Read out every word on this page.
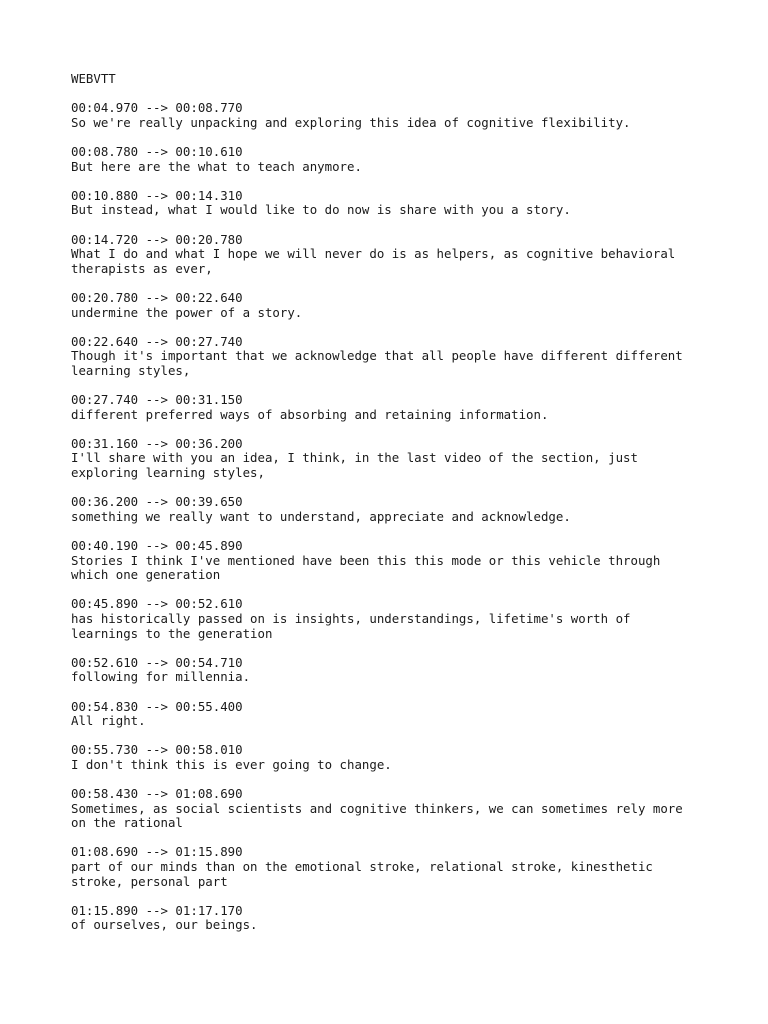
WEBVTT
00:04.970 --> 00:08.770
So we're really unpacking and exploring this idea of cognitive flexibility.
00:08.780 --> 00:10.610
But here are the what to teach anymore.
00:10.880 --> 00:14.310
But instead, what I would like to do now is share with you a story.
00:14.720 --> 00:20.780
What I do and what I hope we will never do is as helpers, as cognitive behavioral
therapists as ever,
00:20.780 --> 00:22.640
undermine the power of a story.
00:22.640 --> 00:27.740
Though it's important that we acknowledge that all people have different different
learning styles,
00:27.740 --> 00:31.150
different preferred ways of absorbing and retaining information.
00:31.160 --> 00:36.200
I'll share with you an idea, I think, in the last video of the section, just
exploring learning styles,
00:36.200 --> 00:39.650
something we really want to understand, appreciate and acknowledge.
00:40.190 --> 00:45.890
Stories I think I've mentioned have been this this mode or this vehicle through
which one generation
00:45.890 --> 00:52.610
has historically passed on is insights, understandings, lifetime's worth of
learnings to the generation
00:52.610 --> 00:54.710
following for millennia.
00:54.830 --> 00:55.400
All right.
00:55.730 --> 00:58.010
I don't think this is ever going to change.
00:58.430 --> 01:08.690
Sometimes, as social scientists and cognitive thinkers, we can sometimes rely more
on the rational
01:08.690 --> 01:15.890
part of our minds than on the emotional stroke, relational stroke, kinesthetic
stroke, personal part
01:15.890 --> 01:17.170
of ourselves, our beings.
